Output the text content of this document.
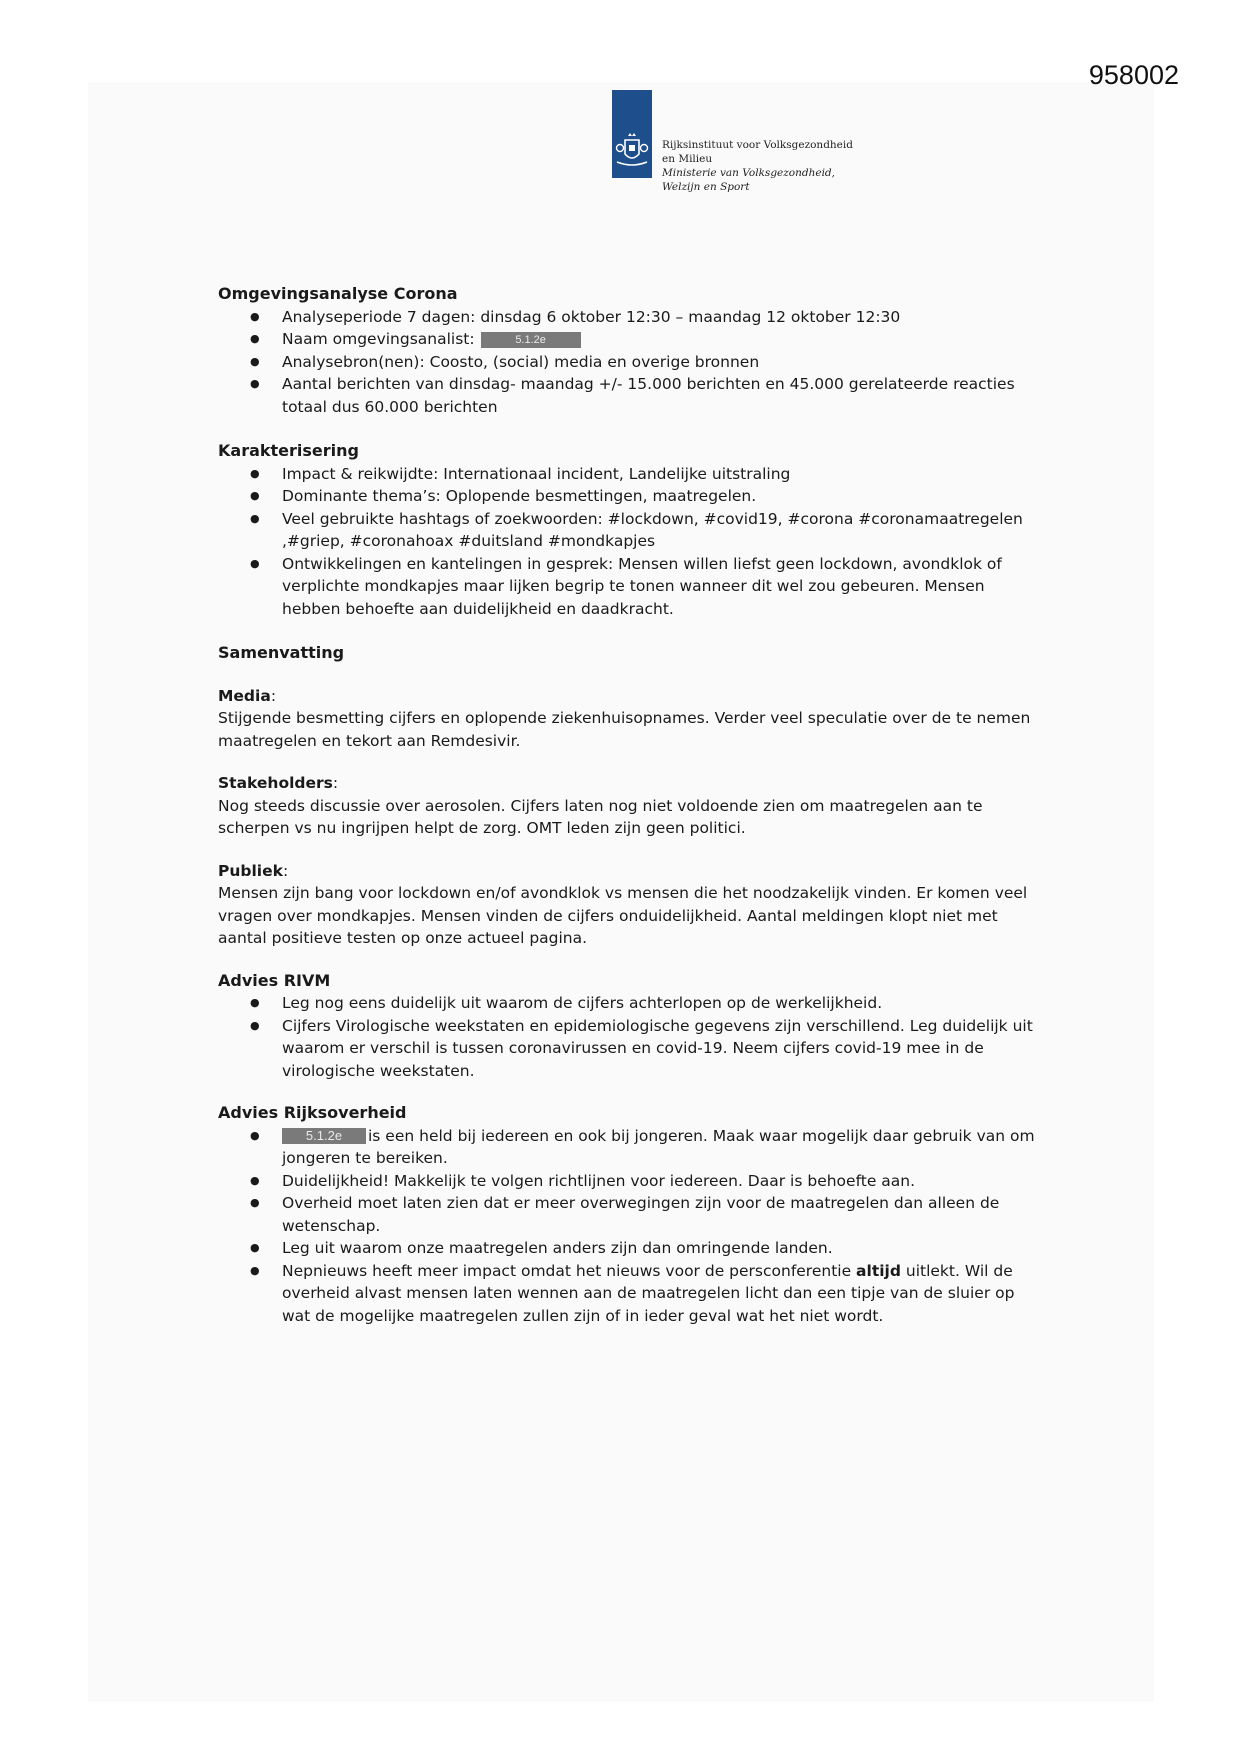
958002
Rijksinstituut voor Volksgezondheid
en Milieu
Ministerie van Volksgezondheid,
Welzijn en Sport
Omgevingsanalyse Corona
● Analyseperiode 7 dagen: dinsdag 6 oktober 12:30 – maandag 12 oktober 12:30
● Naam omgevingsanalist:	5.1.2e
● Analysebron(nen): Coosto, (social) media en overige bronnen
● Aantal berichten van dinsdag- maandag +/- 15.000 berichten en 45.000 gerelateerde reacties totaal dus 60.000 berichten
Karakterisering
● Impact & reikwijdte: Internationaal incident, Landelijke uitstraling
● Dominante thema’s: Oplopende besmettingen, maatregelen.
● Veel gebruikte hashtags of zoekwoorden: #lockdown, #covid19, #corona #coronamaatregelen ,#griep, #coronahoax #duitsland #mondkapjes
● Ontwikkelingen en kantelingen in gesprek: Mensen willen liefst geen lockdown, avondklok of verplichte mondkapjes maar lijken begrip te tonen wanneer dit wel zou gebeuren. Mensen hebben behoefte aan duidelijkheid en daadkracht.
Samenvatting

Media:

Stijgende besmetting cijfers en oplopende ziekenhuisopnames. Verder veel speculatie over de te nemen maatregelen en tekort aan Remdesivir.

Stakeholders:

Nog steeds discussie over aerosolen. Cijfers laten nog niet voldoende zien om maatregelen aan te scherpen vs nu ingrijpen helpt de zorg. OMT leden zijn geen politici.

Publiek:

Mensen zijn bang voor lockdown en/of avondklok vs mensen die het noodzakelijk vinden. Er komen veel vragen over mondkapjes. Mensen vinden de cijfers onduidelijkheid. Aantal meldingen klopt niet met aantal positieve testen op onze actueel pagina.

Advies RIVM
● Leg nog eens duidelijk uit waarom de cijfers achterlopen op de werkelijkheid.
● Cijfers Virologische weekstaten en epidemiologische gegevens zijn verschillend. Leg duidelijk uit waarom er verschil is tussen coronavirussen en covid-19. Neem cijfers covid-19 mee in de virologische weekstaten.
Advies Rijksoverheid
● 5.1.2e is een held bij iedereen en ook bij jongeren. Maak waar mogelijk daar gebruik van om jongeren te bereiken.
● Duidelijkheid! Makkelijk te volgen richtlijnen voor iedereen. Daar is behoefte aan.
● Overheid moet laten zien dat er meer overwegingen zijn voor de maatregelen dan alleen de wetenschap.
● Leg uit waarom onze maatregelen anders zijn dan omringende landen.
● Nepnieuws heeft meer impact omdat het nieuws voor de persconferentie altijd uitlekt. Wil de overheid alvast mensen laten wennen aan de maatregelen licht dan een tipje van de sluier op wat de mogelijke maatregelen zullen zijn of in ieder geval wat het niet wordt.
